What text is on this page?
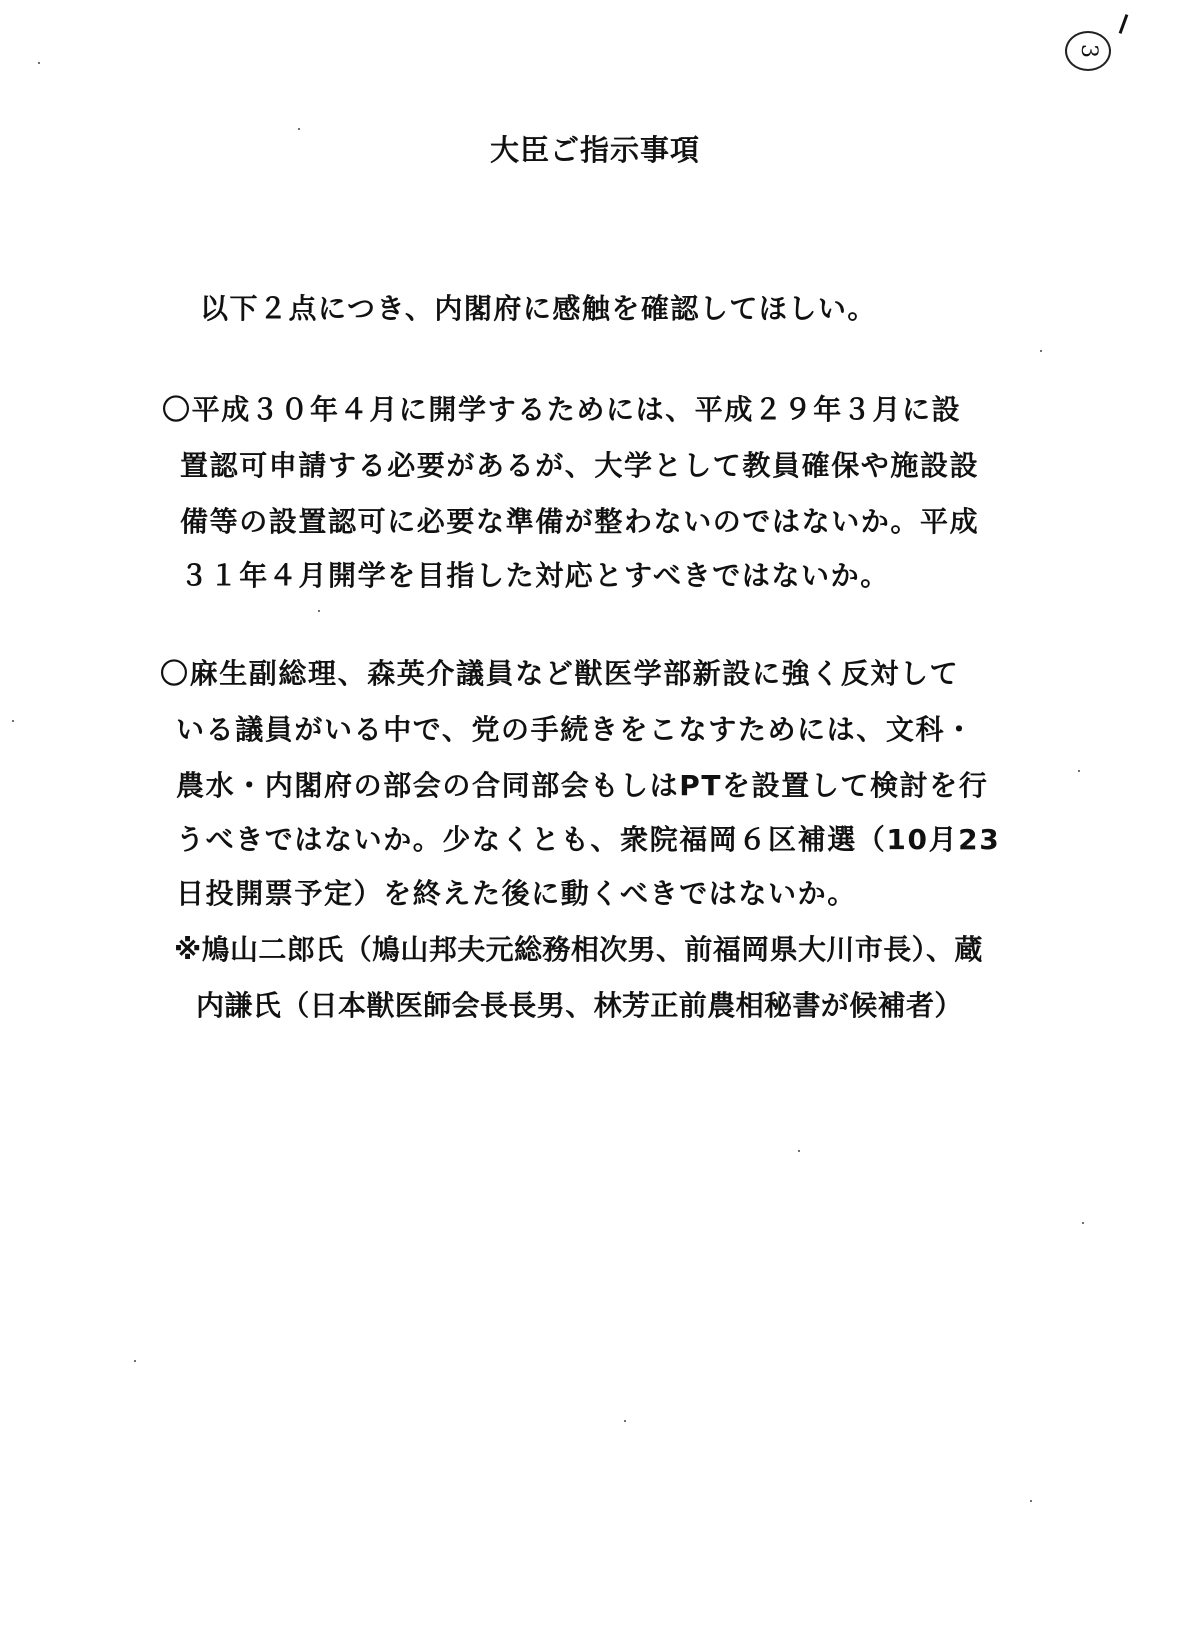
3
大臣ご指示事項
以下２点につき、内閣府に感触を確認してほしい。
〇平成３０年４月に開学するためには、平成２９年３月に設
置認可申請する必要があるが、大学として教員確保や施設設
備等の設置認可に必要な準備が整わないのではないか。平成
３１年４月開学を目指した対応とすべきではないか。
〇麻生副総理、森英介議員など獣医学部新設に強く反対して
いる議員がいる中で、党の手続きをこなすためには、文科・
農水・内閣府の部会の合同部会もしはPTを設置して検討を行
うべきではないか。少なくとも、衆院福岡６区補選（10月23
日投開票予定）を終えた後に動くべきではないか。
※鳩山二郎氏（鳩山邦夫元総務相次男、前福岡県大川市長）、蔵
内謙氏（日本獣医師会長長男、林芳正前農相秘書が候補者）
